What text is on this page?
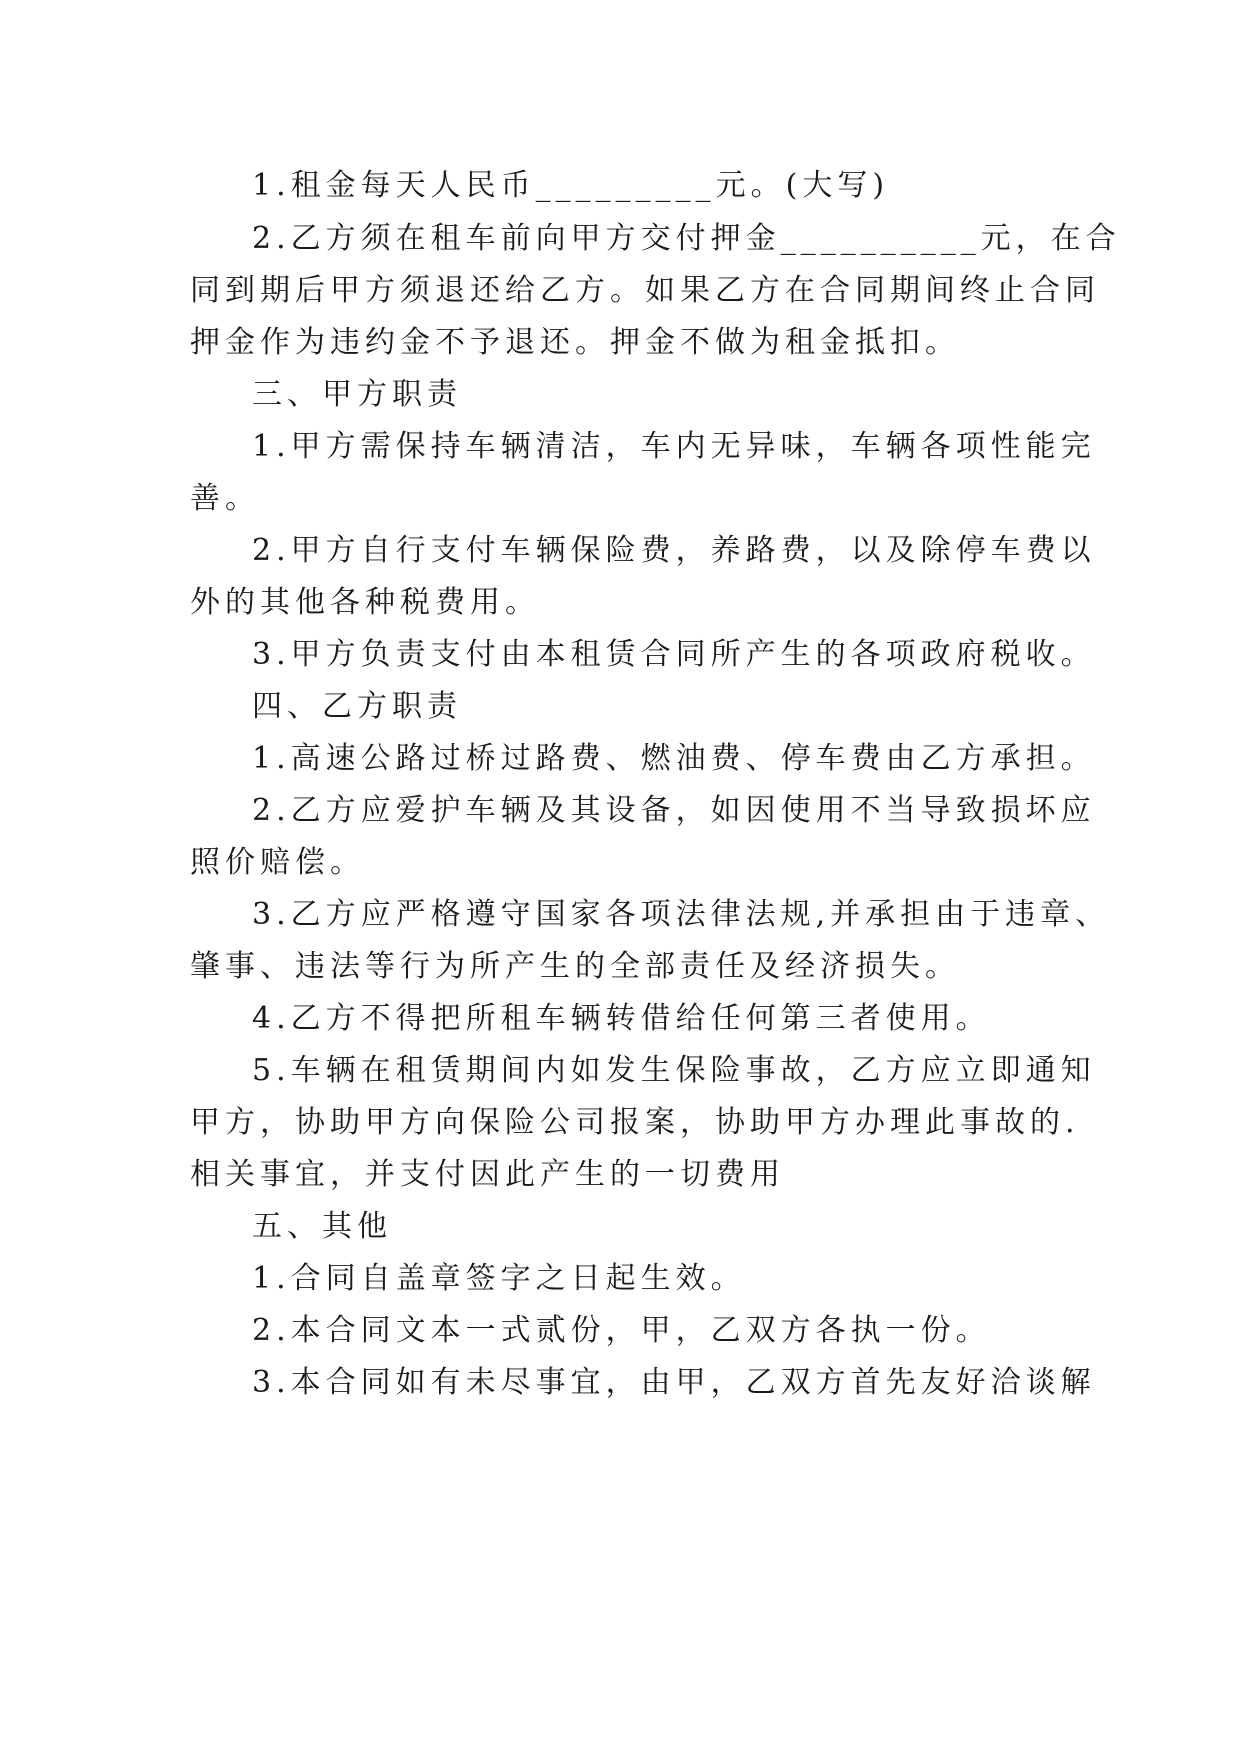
1.租金每天人民币_________元。(大写)
2.乙方须在租车前向甲方交付押金__________元，在合
同到期后甲方须退还给乙方。如果乙方在合同期间终止合同
押金作为违约金不予退还。押金不做为租金抵扣。
三、甲方职责
1.甲方需保持车辆清洁，车内无异味，车辆各项性能完
善。
2.甲方自行支付车辆保险费，养路费，以及除停车费以
外的其他各种税费用。
3.甲方负责支付由本租赁合同所产生的各项政府税收。
四、乙方职责
1.高速公路过桥过路费、燃油费、停车费由乙方承担。
2.乙方应爱护车辆及其设备，如因使用不当导致损坏应
照价赔偿。
3.乙方应严格遵守国家各项法律法规,并承担由于违章、
肇事、违法等行为所产生的全部责任及经济损失。
4.乙方不得把所租车辆转借给任何第三者使用。
5.车辆在租赁期间内如发生保险事故，乙方应立即通知
甲方，协助甲方向保险公司报案，协助甲方办理此事故的.
相关事宜，并支付因此产生的一切费用
五、其他
1.合同自盖章签字之日起生效。
2.本合同文本一式贰份，甲，乙双方各执一份。
3.本合同如有未尽事宜，由甲，乙双方首先友好洽谈解
